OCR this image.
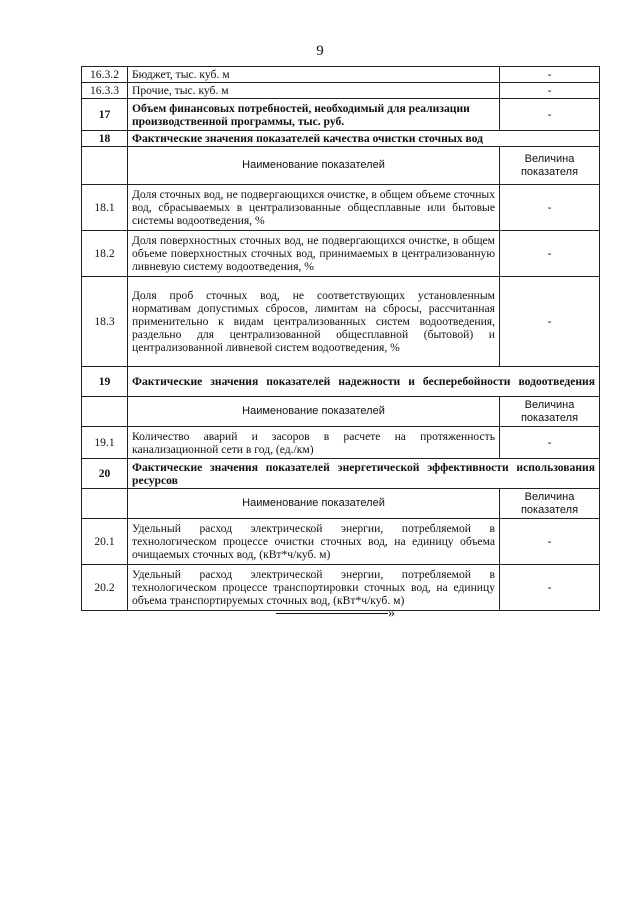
9
16.3.2	Бюджет, тыс. куб. м	-
16.3.3	Прочие, тыс. куб. м	-
17	Объем финансовых потребностей, необходимый для реализации производственной программы, тыс. руб.	-
18	Фактические значения показателей качества очистки сточных вод	
	Наименование показателей	Величина показателя
18.1	Доля сточных вод, не подвергающихся очистке, в общем объеме сточных вод, сбрасываемых в централизованные общесплавные или бытовые системы водоотведения, %	-
18.2	Доля поверхностных сточных вод, не подвергающихся очистке, в общем объеме поверхностных сточных вод, принимаемых в централизованную ливневую систему водоотведения, %	-
18.3	Доля проб сточных вод, не соответствующих установленным нормативам допустимых сбросов, лимитам на сбросы, рассчитанная применительно к видам централизованных систем водоотведения, раздельно для централизованной общесплавной (бытовой) и централизованной ливневой систем водоотведения, %	-
19	Фактические значения показателей надежности и бесперебойности водоотведения	
	Наименование показателей	Величина показателя
19.1	Количество аварий и засоров в расчете на протяженность канализационной сети в год, (ед./км)	-
20	Фактические значения показателей энергетической эффективности использования ресурсов	
	Наименование показателей	Величина показателя
20.1	Удельный расход электрической энергии, потребляемой в технологическом процессе очистки сточных вод, на единицу объема очищаемых сточных вод, (кВт*ч/куб. м)	-
20.2	Удельный расход электрической энергии, потребляемой в технологическом процессе транспортировки сточных вод, на единицу объема транспортируемых сточных вод, (кВт*ч/куб. м)	-
»
